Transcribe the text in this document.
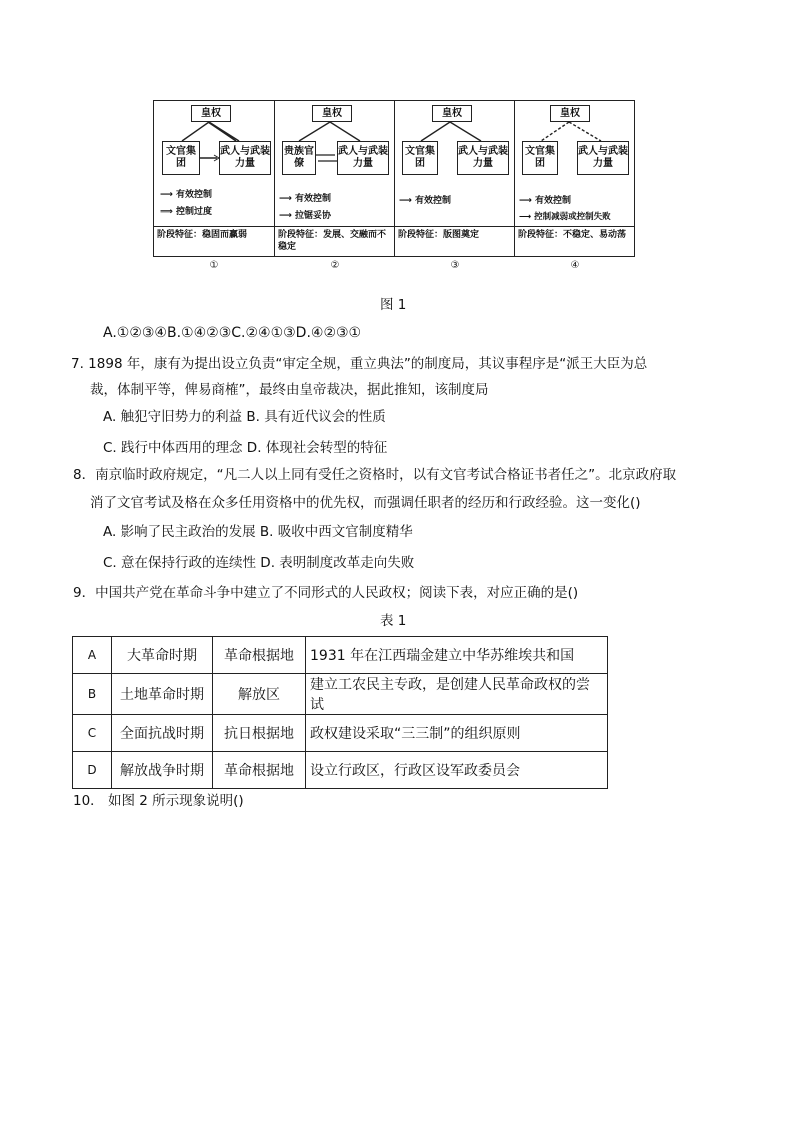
皇权
文官集团
武人与武装力量
⟶ 有效控制
⟹ 控制过度
阶段特征：稳固而赢弱
①
皇权
贵族官僚
武人与武装力量
⟶ 有效控制
⟶ 拉锯妥协
阶段特征：发展、交融而不稳定
②
皇权
文官集团
武人与武装力量
⟶ 有效控制
阶段特征：版图奠定
③
皇权
文官集团
武人与武装力量
⟶ 有效控制
⟶ 控制减弱或控制失败
阶段特征：不稳定、易动荡
④
图 1
A.①②③④B.①④②③C.②④①③D.④②③①
7. 1898 年，康有为提出设立负责“审定全规，重立典法”的制度局，其议事程序是“派王大臣为总
裁，体制平等，俾易商榷”，最终由皇帝裁决，据此推知，该制度局
A. 触犯守旧势力的利益 B. 具有近代议会的性质
C. 践行中体西用的理念 D. 体现社会转型的特征
8．南京临时政府规定，“凡二人以上同有受任之资格时，以有文官考试合格证书者任之”。北京政府取
消了文官考试及格在众多任用资格中的优先权，而强调任职者的经历和行政经验。这一变化()
A. 影响了民主政治的发展 B. 吸收中西文官制度精华
C. 意在保持行政的连续性 D. 表明制度改革走向失败
9．中国共产党在革命斗争中建立了不同形式的人民政权；阅读下表，对应正确的是()
表 1
A	大革命时期	革命根据地	1931 年在江西瑞金建立中华苏维埃共和国
B	土地革命时期	解放区	建立工农民主专政，是创建人民革命政权的尝试
C	全面抗战时期	抗日根据地	政权建设采取“三三制”的组织原则
D	解放战争时期	革命根据地	设立行政区，行政区设军政委员会
10． 如图 2 所示现象说明()
